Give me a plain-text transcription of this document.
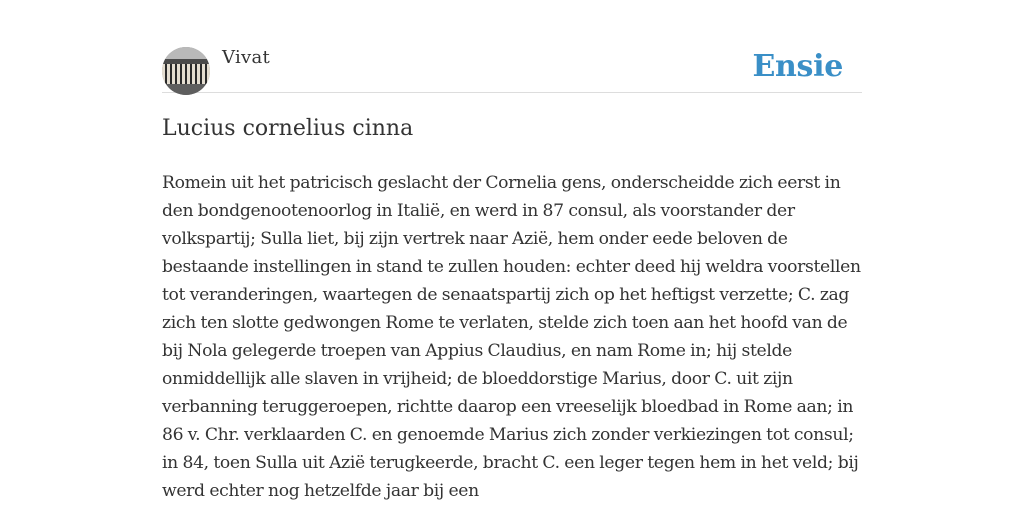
Vivat	Ensie
Lucius cornelius cinna

Romein uit het patricisch geslacht der Cornelia gens, onderscheidde zich eerst in den bondgenootenoorlog in Italië, en werd in 87 consul, als voorstander der volkspartij; Sulla liet, bij zijn vertrek naar Azië, hem onder eede beloven de bestaande instellingen in stand te zullen houden: echter deed hij weldra voorstellen tot veranderingen, waartegen de senaatspartij zich op het heftigst verzette; C. zag zich ten slotte gedwongen Rome te verlaten, stelde zich toen aan het hoofd van de bij Nola gelegerde troepen van Appius Claudius, en nam Rome in; hij stelde onmiddellijk alle slaven in vrijheid; de bloeddorstige Marius, door C. uit zijn verbanning teruggeroepen, richtte daarop een vreeselijk bloedbad in Rome aan; in 86 v. Chr. verklaarden C. en genoemde Marius zich zonder verkiezingen tot consul; in 84, toen Sulla uit Azië terugkeerde, bracht C. een leger tegen hem in het veld; bij werd echter nog hetzelfde jaar bij een
